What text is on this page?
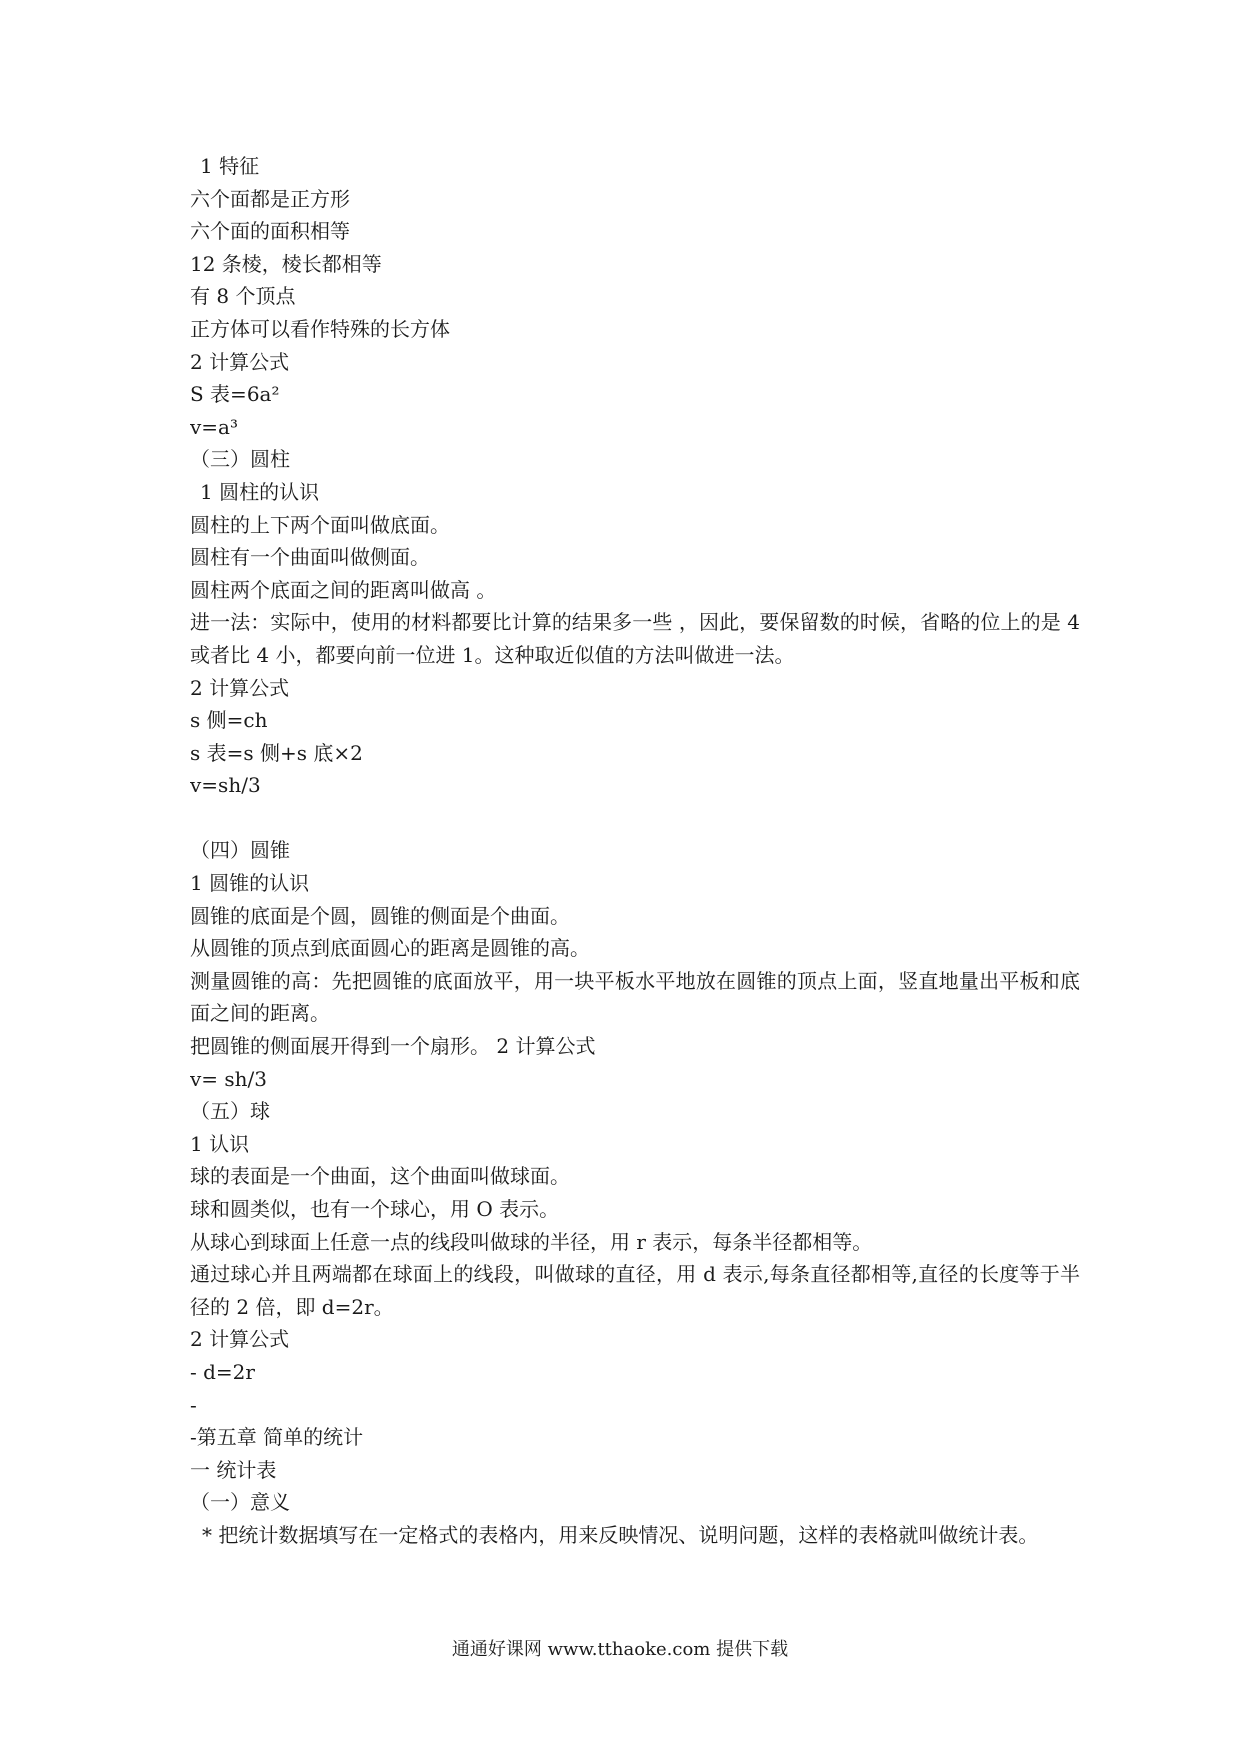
1 特征
六个面都是正方形
六个面的面积相等
12 条棱，棱长都相等
有 8 个顶点
正方体可以看作特殊的长方体
2 计算公式
S 表=6a²
v=a³
（三）圆柱
1 圆柱的认识
圆柱的上下两个面叫做底面。
圆柱有一个曲面叫做侧面。
圆柱两个底面之间的距离叫做高 。
进一法：实际中，使用的材料都要比计算的结果多一些 ，因此，要保留数的时候，省略的位上的是 4 或者比 4 小，都要向前一位进 1。这种取近似值的方法叫做进一法。
2 计算公式
s 侧=ch
s 表=s 侧+s 底×2
v=sh/3
（四）圆锥
1 圆锥的认识
圆锥的底面是个圆，圆锥的侧面是个曲面。
从圆锥的顶点到底面圆心的距离是圆锥的高。
测量圆锥的高：先把圆锥的底面放平，用一块平板水平地放在圆锥的顶点上面，竖直地量出平板和底面之间的距离。
把圆锥的侧面展开得到一个扇形。 2 计算公式
v= sh/3
（五）球
1 认识
球的表面是一个曲面，这个曲面叫做球面。
球和圆类似，也有一个球心，用 O 表示。
从球心到球面上任意一点的线段叫做球的半径，用 r 表示，每条半径都相等。
通过球心并且两端都在球面上的线段，叫做球的直径，用 d 表示,每条直径都相等,直径的长度等于半径的 2 倍，即 d=2r。
2 计算公式
- d=2r
-
-第五章 简单的统计
一 统计表
（一）意义
* 把统计数据填写在一定格式的表格内，用来反映情况、说明问题，这样的表格就叫做统计表。
通通好课网 www.tthaoke.com 提供下载
